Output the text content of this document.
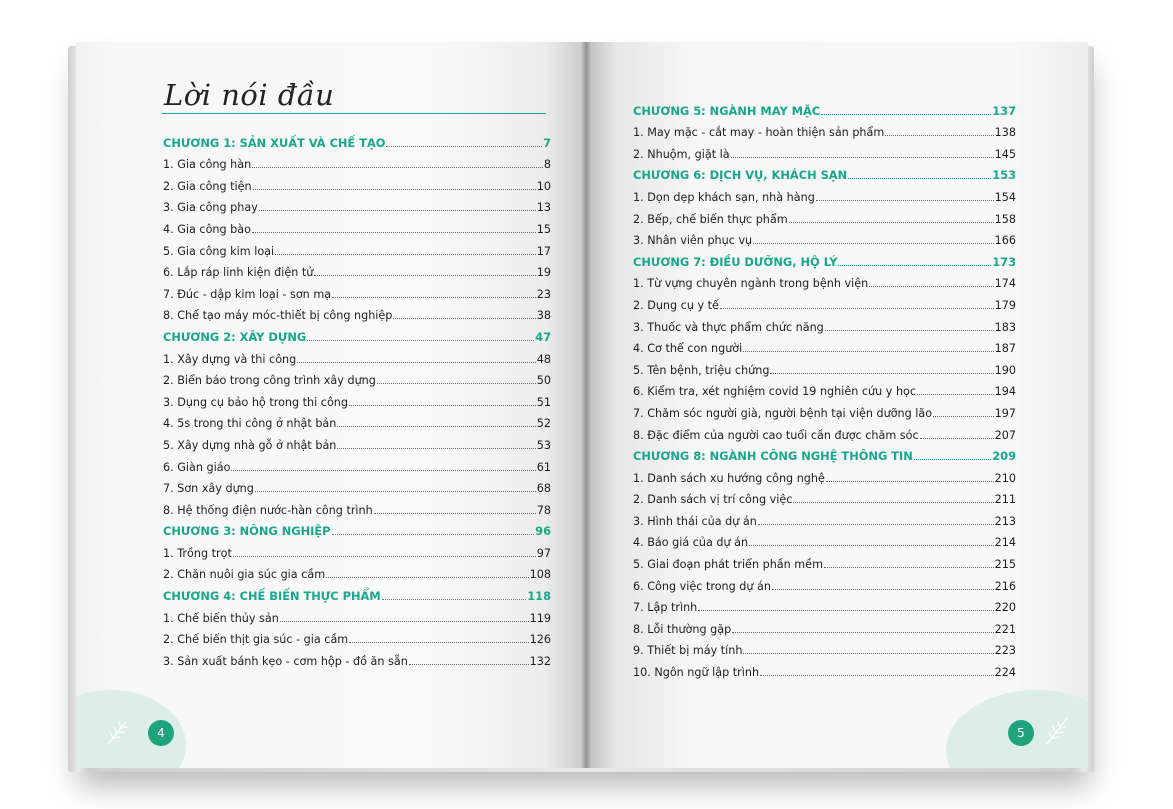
Lời nói đầu
CHƯƠNG 1: SẢN XUẤT VÀ CHẾ TẠO	7
1. Gia công hàn	8
2. Gia công tiện	10
3. Gia công phay	13
4. Gia công bào	15
5. Gia công kim loại	17
6. Lắp ráp linh kiện điện tử	19
7. Đúc - dập kim loại - sơn mạ	23
8. Chế tạo máy móc-thiết bị công nghiệp	38
CHƯƠNG 2: XÂY DỰNG	47
1. Xây dựng và thi công	48
2. Biển báo trong công trình xây dựng	50
3. Dụng cụ bảo hộ trong thi công	51
4. 5s trong thi công ở nhật bản	52
5. Xây dựng nhà gỗ ở nhật bản	53
6. Giàn giáo	61
7. Sơn xây dựng	68
8. Hệ thống điện nước-hàn công trình	78
CHƯƠNG 3: NÔNG NGHIỆP	96
1. Trồng trọt	97
2. Chăn nuôi gia súc gia cầm	108
CHƯƠNG 4: CHẾ BIẾN THỰC PHẨM	118
1. Chế biến thủy sản	119
2. Chế biến thịt gia súc - gia cầm	126
3. Sản xuất bánh kẹo - cơm hộp - đồ ăn sẵn	132
4
CHƯƠNG 5: NGÀNH MAY MẶC	137
1. May mặc - cắt may - hoàn thiện sản phẩm	138
2. Nhuộm, giặt là	145
CHƯƠNG 6: DỊCH VỤ, KHÁCH SẠN	153
1. Dọn dẹp khách sạn, nhà hàng	154
2. Bếp, chế biến thực phẩm	158
3. Nhân viên phục vụ	166
CHƯƠNG 7: ĐIỀU DƯỠNG, HỘ LÝ	173
1. Từ vựng chuyên ngành trong bệnh viện	174
2. Dụng cụ y tế	179
3. Thuốc và thực phẩm chức năng	183
4. Cơ thể con người	187
5. Tên bệnh, triệu chứng	190
6. Kiểm tra, xét nghiệm covid 19 nghiên cứu y học	194
7. Chăm sóc người già, người bệnh tại viện dưỡng lão	197
8. Đặc điểm của người cao tuổi cần được chăm sóc	207
CHƯƠNG 8: NGÀNH CÔNG NGHỆ THÔNG TIN	209
1. Danh sách xu hướng công nghệ	210
2. Danh sách vị trí công việc	211
3. Hình thái của dự án	213
4. Báo giá của dự án	214
5. Giai đoạn phát triển phần mềm	215
6. Công việc trong dự án	216
7. Lập trình	220
8. Lỗi thường gặp	221
9. Thiết bị máy tính	223
10. Ngôn ngữ lập trình	224
5
